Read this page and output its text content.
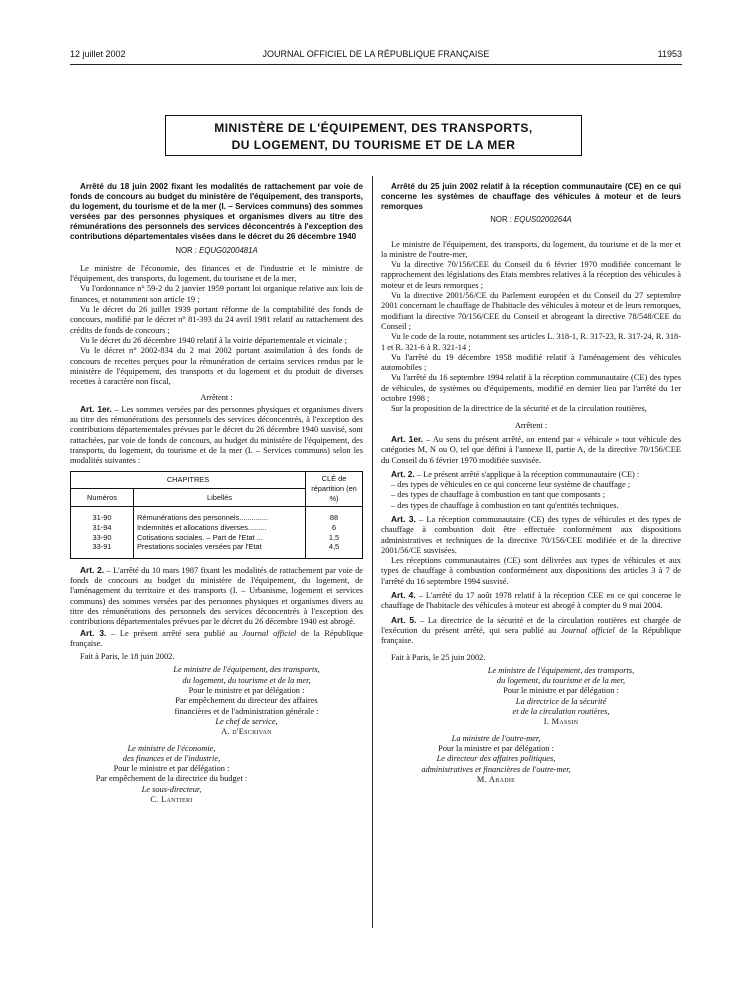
12 juillet 2002	JOURNAL OFFICIEL DE LA RÉPUBLIQUE FRANÇAISE	11953
MINISTÈRE DE L'ÉQUIPEMENT, DES TRANSPORTS,
DU LOGEMENT, DU TOURISME ET DE LA MER
Arrêté du 18 juin 2002 fixant les modalités de rattachement par voie de fonds de concours au budget du ministère de l'équipement, des transports, du logement, du tourisme et de la mer (I. – Services communs) des sommes versées par des personnes physiques et organismes divers au titre des rémunérations des personnels des services déconcentrés à l'exception des contributions départementales visées dans le décret du 26 décembre 1940
NOR : EQUG0200481A

Le ministre de l'économie, des finances et de l'industrie et le ministre de l'équipement, des transports, du logement, du tourisme et de la mer,

Vu l'ordonnance n° 59-2 du 2 janvier 1959 portant loi organique relative aux lois de finances, et notamment son article 19 ;

Vu le décret du 26 juillet 1939 portant réforme de la comptabilité des fonds de concours, modifié par le décret n° 81-393 du 24 avril 1981 relatif au rattachement des crédits de fonds de concours ;

Vu le décret du 26 décembre 1940 relatif à la voirie départementale et vicinale ;

Vu le décret n° 2002-834 du 2 mai 2002 portant assimilation à des fonds de concours de recettes perçues pour la rémunération de certains services rendus par le ministère de l'équipement, des transports et du logement et du produit de diverses recettes à caractère non fiscal,

Arrêtent :

Art. 1er. – Les sommes versées par des personnes physiques et organismes divers au titre des rémunérations des personnels des services déconcentrés, à l'exception des contributions départementales prévues par le décret du 26 décembre 1940 susvisé, sont rattachées, par voie de fonds de concours, au budget du ministère de l'équipement, des transports, du logement, du tourisme et de la mer (I. – Services communs) selon les modalités suivantes :

CHAPITRES		CLÉ de répartition (en %)
Numéros	Libellés	

31-90	Rémunérations des personnels..............	88
31-94	Indemnités et allocations diverses.........	6
33-90	Cotisations sociales. – Part de l'Etat ...	1,5
33-91	Prestations sociales versées par l'Etat	4,5

Art. 2. – L'arrêté du 10 mars 1987 fixant les modalités de rattachement par voie de fonds de concours au budget du ministère de l'équipement, du logement, de l'aménagement du territoire et des transports (I. – Urbanisme, logement et services communs) des sommes versées par des personnes physiques et organismes divers au titre des rémunérations des personnels des services déconcentrés à l'exception des contributions départementales prévues par le décret du 26 décembre 1940 est abrogé.

Art. 3. – Le présent arrêté sera publié au Journal officiel de la République française.

Fait à Paris, le 18 juin 2002.

Le ministre de l'équipement, des transports,
du logement, du tourisme et de la mer,
Pour le ministre et par délégation :
Par empêchement du directeur des affaires
financières et de l'administration générale :
Le chef de service,
A. d'Escrivan
Le ministre de l'économie,
des finances et de l'industrie,
Pour le ministre et par délégation :
Par empêchement de la directrice du budget :
Le sous-directeur,
C. Lantieri
Arrêté du 25 juin 2002 relatif à la réception communautaire (CE) en ce qui concerne les systèmes de chauffage des véhicules à moteur et de leurs remorques
NOR : EQUS0200264A

Le ministre de l'équipement, des transports, du logement, du tourisme et de la mer et la ministre de l'outre-mer,

Vu la directive 70/156/CEE du Conseil du 6 février 1970 modifiée concernant le rapprochement des législations des Etats membres relatives à la réception des véhicules à moteur et de leurs remorques ;

Vu la directive 2001/56/CE du Parlement européen et du Conseil du 27 septembre 2001 concernant le chauffage de l'habitacle des véhicules à moteur et de leurs remorques, modifiant la directive 70/156/CEE du Conseil et abrogeant la directive 78/548/CEE du Conseil ;

Vu le code de la route, notamment ses articles L. 318-1, R. 317-23, R. 317-24, R. 318-1 et R. 321-6 à R. 321-14 ;

Vu l'arrêté du 19 décembre 1958 modifié relatif à l'aménagement des véhicules automobiles ;

Vu l'arrêté du 16 septembre 1994 relatif à la réception communautaire (CE) des types de véhicules, de systèmes ou d'équipements, modifié en dernier lieu par l'arrêté du 1er octobre 1998 ;

Sur la proposition de la directrice de la sécurité et de la circulation routières,

Arrêtent :

Art. 1er. – Au sens du présent arrêté, on entend par « véhicule » tout véhicule des catégories M, N ou O, tel que défini à l'annexe II, partie A, de la directive 70/156/CEE du Conseil du 6 février 1970 modifiée susvisée.

Art. 2. – Le présent arrêté s'applique à la réception communautaire (CE) :

– des types de véhicules en ce qui concerne leur système de chauffage ;
– des types de chauffage à combustion en tant que composants ;
– des types de chauffage à combustion en tant qu'entités techniques.

Art. 3. – La réception communautaire (CE) des types de véhicules et des types de chauffage à combustion doit être effectuée conformément aux dispositions administratives et techniques de la directive 70/156/CEE modifiée et de la directive 2001/56/CE susvisées.

Les réceptions communautaires (CE) sont délivrées aux types de véhicules et aux types de chauffage à combustion conformément aux dispositions des articles 3 à 7 de l'arrêté du 16 septembre 1994 susvisé.

Art. 4. – L'arrêté du 17 août 1978 relatif à la réception CEE en ce qui concerne le chauffage de l'habitacle des véhicules à moteur est abrogé à compter du 9 mai 2004.

Art. 5. – La directrice de la sécurité et de la circulation routières est chargée de l'exécution du présent arrêté, qui sera publié au Journal officiel de la République française.

Fait à Paris, le 25 juin 2002.

Le ministre de l'équipement, des transports,
du logement, du tourisme et de la mer,
Pour le ministre et par délégation :
La directrice de la sécurité
et de la circulation routières,
I. Massin
La ministre de l'outre-mer,
Pour la ministre et par délégation :
Le directeur des affaires politiques,
administratives et financières de l'outre-mer,
M. Abadie
